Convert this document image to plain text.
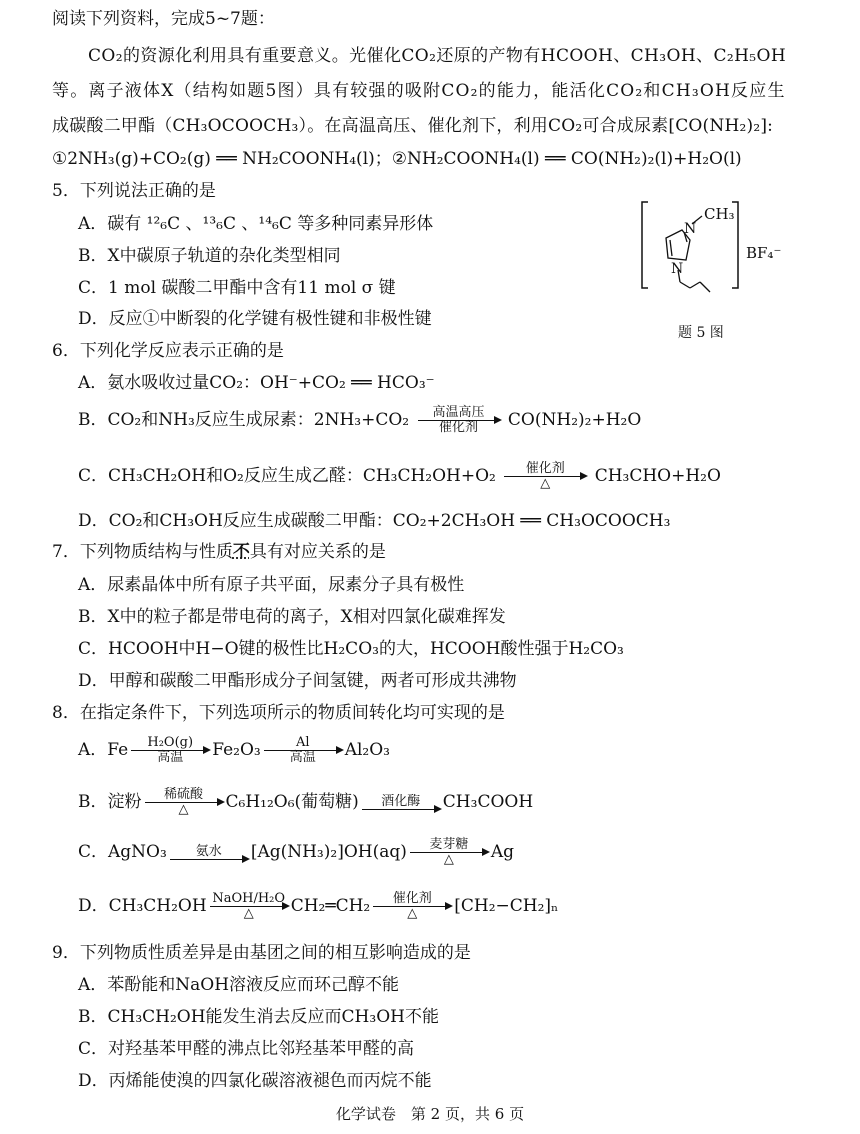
阅读下列资料，完成5~7题：
CO₂的资源化利用具有重要意义。光催化CO₂还原的产物有HCOOH、CH₃OH、C₂H₅OH
等。离子液体X（结构如题5图）具有较强的吸附CO₂的能力，能活化CO₂和CH₃OH反应生
成碳酸二甲酯（CH₃OCOOCH₃）。在高温高压、催化剂下，利用CO₂可合成尿素[CO(NH₂)₂]:
①2NH₃(g)+CO₂(g) ══ NH₂COONH₄(l)；②NH₂COONH₄(l) ══ CO(NH₂)₂(l)+H₂O(l)
5．下列说法正确的是
A．碳有 ¹²₆C 、¹³₆C 、¹⁴₆C 等多种同素异形体
B．X中碳原子轨道的杂化类型相同
C．1 mol 碳酸二甲酯中含有11 mol σ 键
D．反应①中断裂的化学键有极性键和非极性键
N
N
CH₃
BF₄⁻
题 5 图
6．下列化学反应表示正确的是
A．氨水吸收过量CO₂：OH⁻+CO₂ ══ HCO₃⁻
B．CO₂和NH₃反应生成尿素：2NH₃+CO₂ 高温高压
催化剂 CO(NH₂)₂+H₂O
C．CH₃CH₂OH和O₂反应生成乙醛：CH₃CH₂OH+O₂ 催化剂
△	CH₃CHO+H₂O
D．CO₂和CH₃OH反应生成碳酸二甲酯：CO₂+2CH₃OH ══ CH₃OCOOCH₃
7．下列物质结构与性质不具有对应关系的是
A．尿素晶体中所有原子共平面，尿素分子具有极性
B．X中的粒子都是带电荷的离子，X相对四氯化碳难挥发
C．HCOOH中H−O键的极性比H₂CO₃的大，HCOOH酸性强于H₂CO₃
D．甲醇和碳酸二甲酯形成分子间氢键，两者可形成共沸物
8．在指定条件下，下列选项所示的物质间转化均可实现的是
A．Fe H₂O(g)
高温 Fe₂O₃	Al
高温 Al₂O₃
B．淀粉 稀硫酸
△ C₆H₁₂O₆(葡萄糖) 酒化酶 CH₃COOH
C．AgNO₃ 氨水 [Ag(NH₃)₂]OH(aq) 麦芽糖
△ Ag
D．CH₃CH₂OH NaOH/H₂O
△ CH₂═CH₂ 催化剂
△ [CH₂−CH₂]ₙ
9．下列物质性质差异是由基团之间的相互影响造成的是
A．苯酚能和NaOH溶液反应而环己醇不能
B．CH₃CH₂OH能发生消去反应而CH₃OH不能
C．对羟基苯甲醛的沸点比邻羟基苯甲醛的高
D．丙烯能使溴的四氯化碳溶液褪色而丙烷不能
化学试卷　第 2 页，共 6 页
